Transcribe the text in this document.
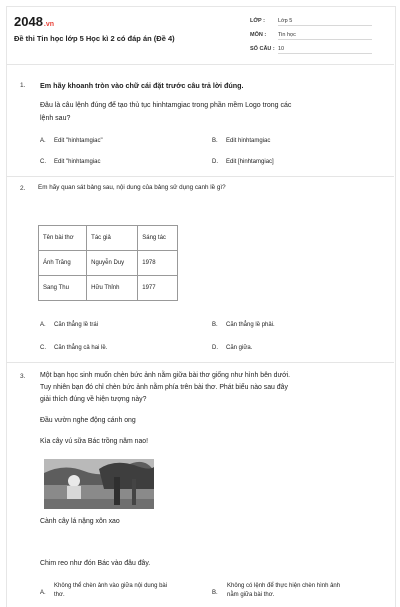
2048.vn
Đề thi Tin học lớp 5 Học kì 2 có đáp án (Đề 4)
LỚP : Lớp 5
MÔN : Tin học
SỐ CÂU : 10
1. Em hãy khoanh tròn vào chữ cái đặt trước câu trả lời đúng.
Đâu là câu lệnh đúng để tạo thủ tục hinhtamgiac trong phần mềm Logo trong các
lệnh sau?
A. Edit "hinhtamgiac"	B. Edit hinhtamgiac
C. Edit "hinhtamgiac	D. Edit [hinhtamgiac]
2. Em hãy quan sát bảng sau, nội dung của bảng sử dụng canh lề gì?
Tên bài thơ	Tác giả	Sáng tác
Ánh Trăng	Nguyễn Duy	1978
Sang Thu	Hữu Thỉnh	1977
A. Căn thẳng lề trái	B. Căn thẳng lề phải.
C. Căn thẳng cả hai lề.	D. Căn giữa.
3. Một bạn học sinh muốn chèn bức ảnh nằm giữa bài thơ giống như hình bên dưới.
Tuy nhiên bạn đó chỉ chèn bức ảnh nằm phía trên bài thơ. Phát biểu nào sau đây
giải thích đúng về hiện tượng này?
Đầu vườn nghe động cánh ong
Kìa cây vú sữa Bác trồng năm nao!
Cành cây lá nặng xôn xao
Chim reo như đón Bác vào đâu đây.
A.
Không thể chèn ảnh vào giữa nội dung bài
thơ.	B.
Không có lệnh để thực hiện chèn hình ảnh
nằm giữa bài thơ.
